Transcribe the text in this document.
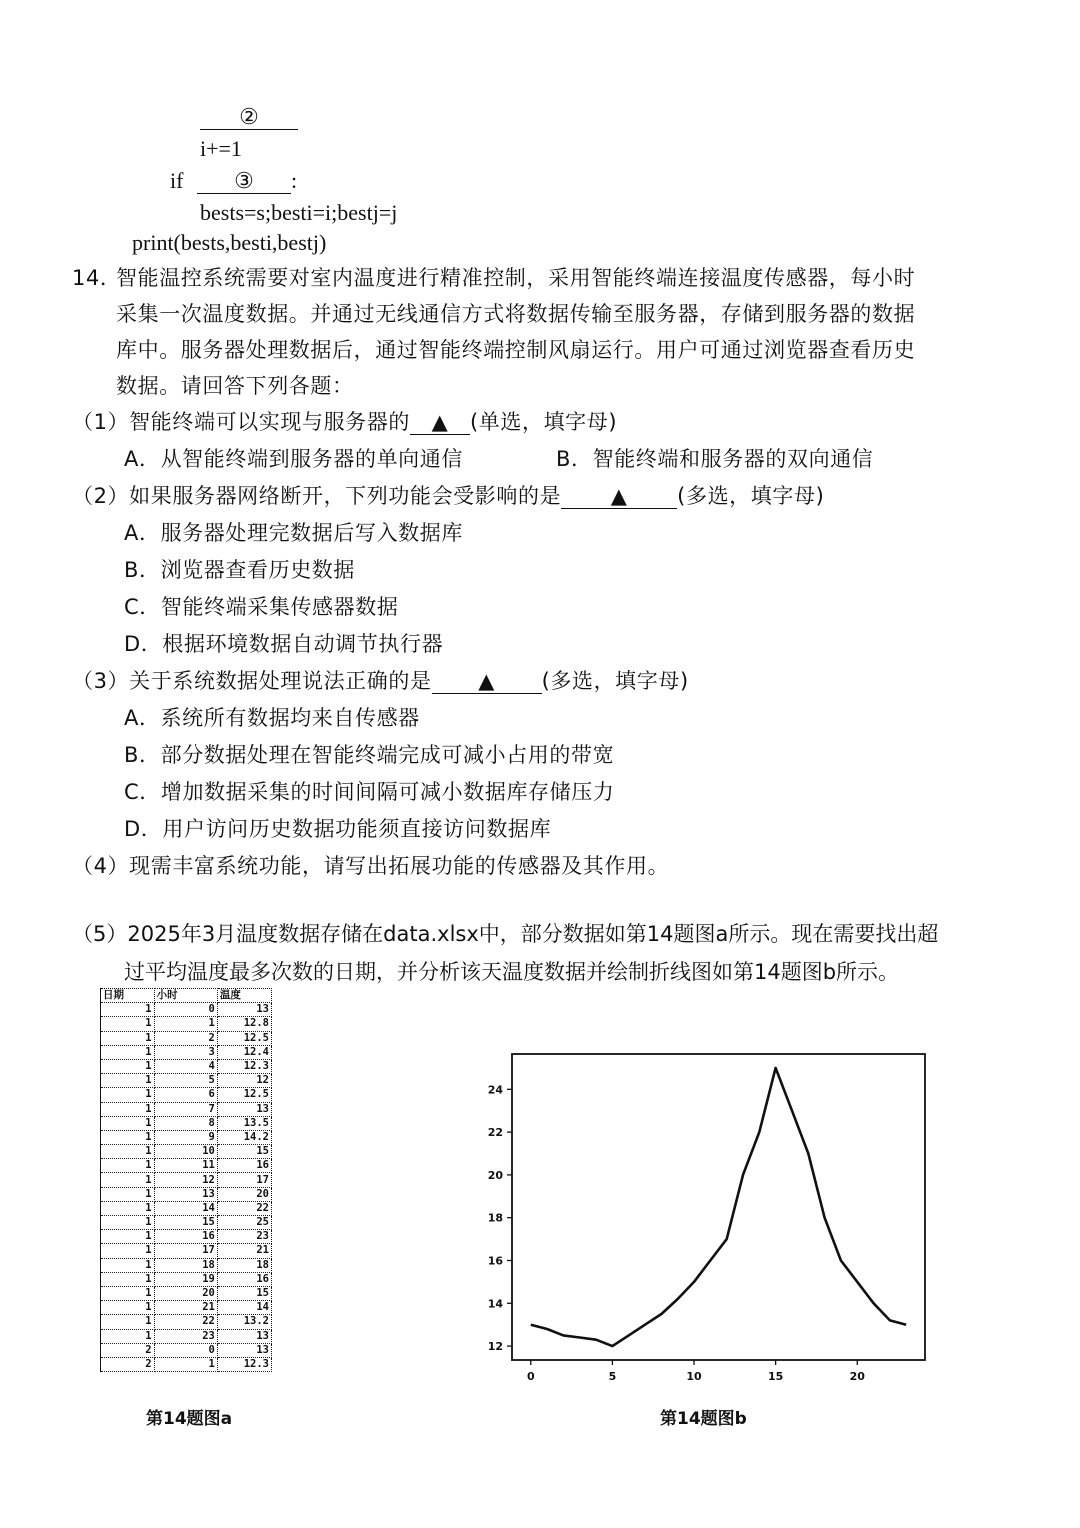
②
i+=1
if ③ :
bests=s;besti=i;bestj=j
print(bests,besti,bestj)
14．
智能温控系统需要对室内温度进行精准控制，采用智能终端连接温度传感器，每小时
采集一次温度数据。并通过无线通信方式将数据传输至服务器，存储到服务器的数据
库中。服务器处理数据后，通过智能终端控制风扇运行。用户可通过浏览器查看历史
数据。请回答下列各题：
（1）智能终端可以实现与服务器的 ▲ (单选，填字母)
A．从智能终端到服务器的单向通信	B．智能终端和服务器的双向通信
（2）如果服务器网络断开，下列功能会受影响的是 ▲ (多选，填字母)
A．服务器处理完数据后写入数据库
B．浏览器查看历史数据
C．智能终端采集传感器数据
D．根据环境数据自动调节执行器
（3）关于系统数据处理说法正确的是 ▲ (多选，填字母)
A．系统所有数据均来自传感器
B．部分数据处理在智能终端完成可减小占用的带宽
C．增加数据采集的时间间隔可减小数据库存储压力
D．用户访问历史数据功能须直接访问数据库
（4）现需丰富系统功能，请写出拓展功能的传感器及其作用。
（5）2025年3月温度数据存储在data.xlsx中，部分数据如第14题图a所示。现在需要找出超
过平均温度最多次数的日期，并分析该天温度数据并绘制折线图如第14题图b所示。
日期	小时	温度
1	0	13
1	1	12.8
1	2	12.5
1	3	12.4
1	4	12.3
1	5	12
1	6	12.5
1	7	13
1	8	13.5
1	9	14.2
1	10	15
1	11	16
1	12	17
1	13	20
1	14	22
1	15	25
1	16	23
1	17	21
1	18	18
1	19	16
1	20	15
1	21	14
1	22	13.2
1	23	13
2	0	13
2	1	12.3
第14题图a
0	5	10	15	20
12
14
16
18
20
22
24
第14题图b
